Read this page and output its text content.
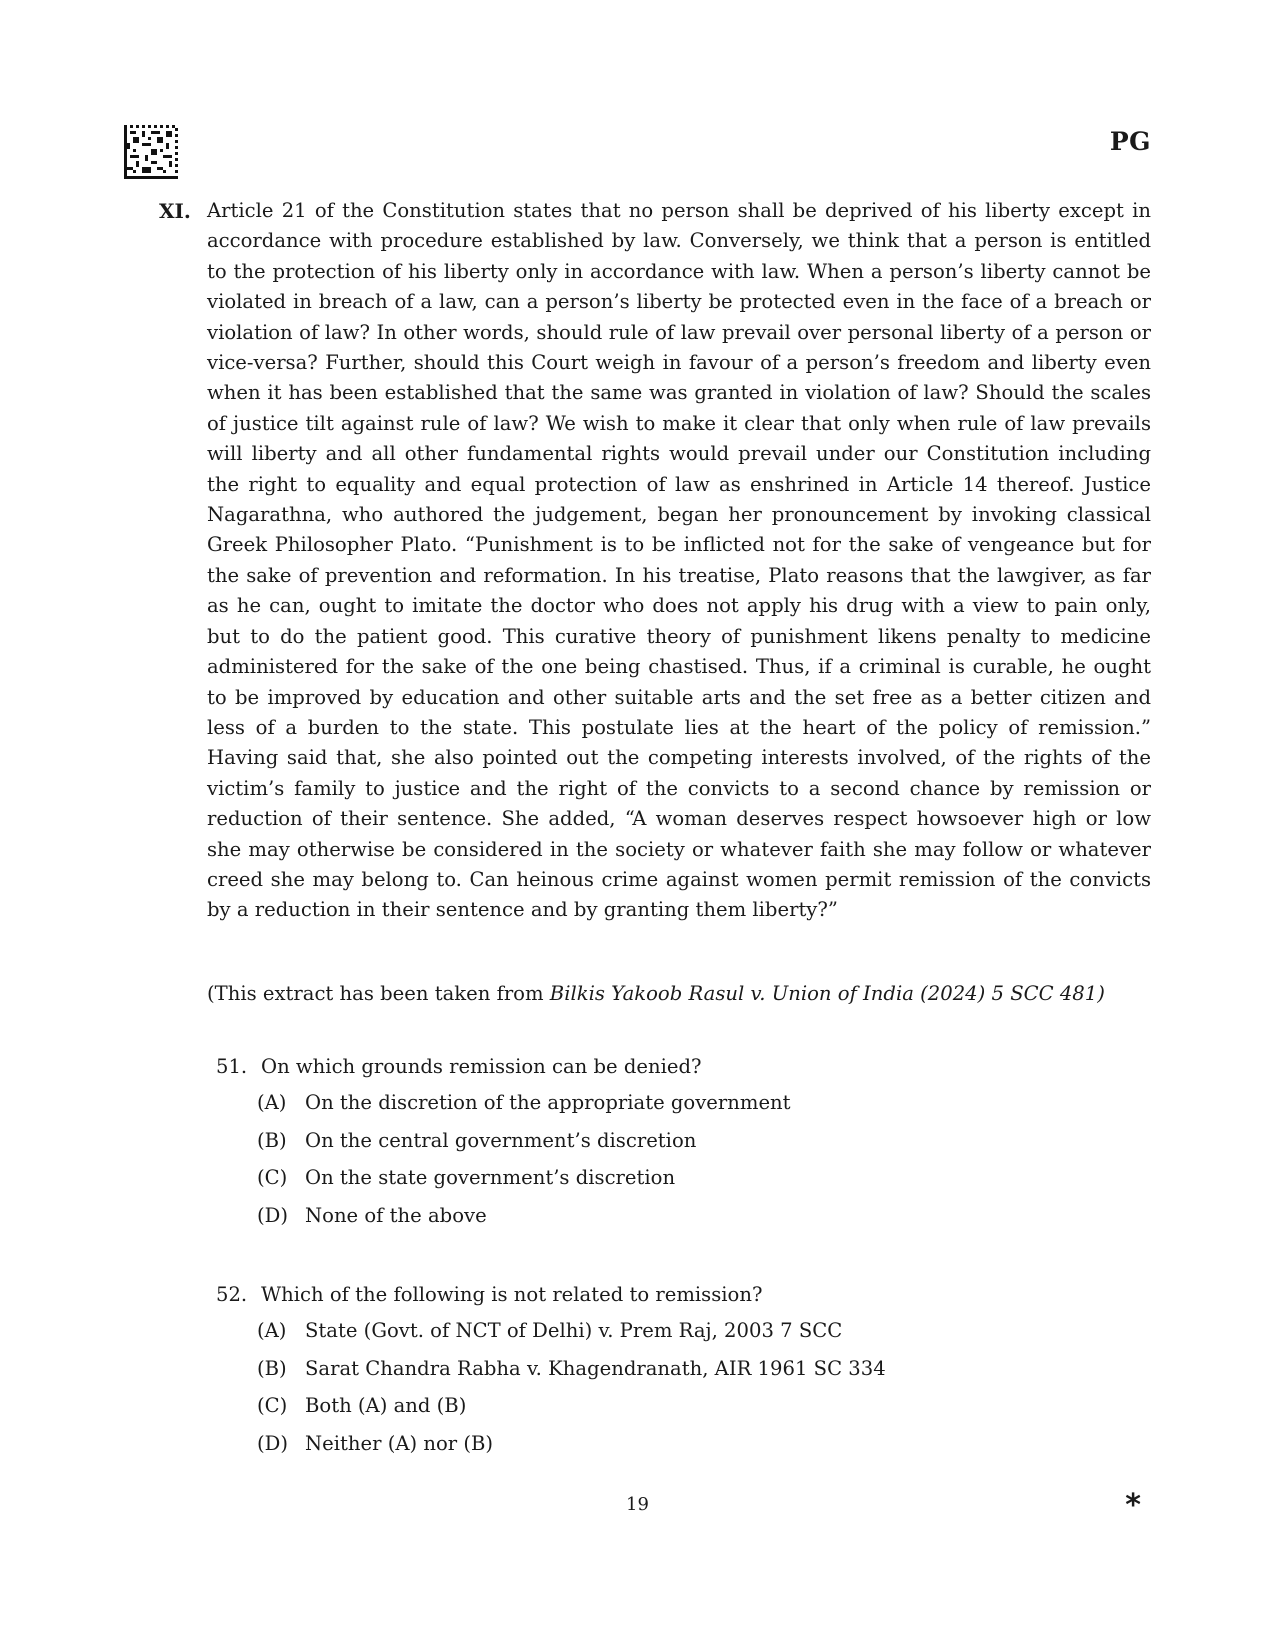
PG
XI. Article 21 of the Constitution states that no person shall be deprived of his liberty except in accordance with procedure established by law. Conversely, we think that a person is entitled to the protection of his liberty only in accordance with law. When a person’s liberty cannot be violated in breach of a law, can a person’s liberty be protected even in the face of a breach or violation of law? In other words, should rule of law prevail over personal liberty of a person or vice-versa? Further, should this Court weigh in favour of a person’s freedom and liberty even when it has been established that the same was granted in violation of law? Should the scales of justice tilt against rule of law? We wish to make it clear that only when rule of law prevails will liberty and all other fundamental rights would prevail under our Constitution including the right to equality and equal protection of law as enshrined in Article 14 thereof. Justice Nagarathna, who authored the judgement, began her pronouncement by invoking classical Greek Philosopher Plato. “Punishment is to be inflicted not for the sake of vengeance but for the sake of prevention and reformation. In his treatise, Plato reasons that the lawgiver, as far as he can, ought to imitate the doctor who does not apply his drug with a view to pain only, but to do the patient good. This curative theory of punishment likens penalty to medicine administered for the sake of the one being chastised. Thus, if a criminal is curable, he ought to be improved by education and other suitable arts and the set free as a better citizen and less of a burden to the state. This postulate lies at the heart of the policy of remission.” Having said that, she also pointed out the competing interests involved, of the rights of the victim’s family to justice and the right of the convicts to a second chance by remission or reduction of their sentence. She added, “A woman deserves respect howsoever high or low she may otherwise be considered in the society or whatever faith she may follow or whatever creed she may belong to. Can heinous crime against women permit remission of the convicts by a reduction in their sentence and by granting them liberty?”

(This extract has been taken from Bilkis Yakoob Rasul v. Union of India (2024) 5 SCC 481)

51. On which grounds remission can be denied?
(A) On the discretion of the appropriate government
(B) On the central government’s discretion
(C) On the state government’s discretion
(D) None of the above
52. Which of the following is not related to remission?
(A) State (Govt. of NCT of Delhi) v. Prem Raj, 2003 7 SCC
(B) Sarat Chandra Rabha v. Khagendranath, AIR 1961 SC 334
(C) Both (A) and (B)
(D) Neither (A) nor (B)
19	*
